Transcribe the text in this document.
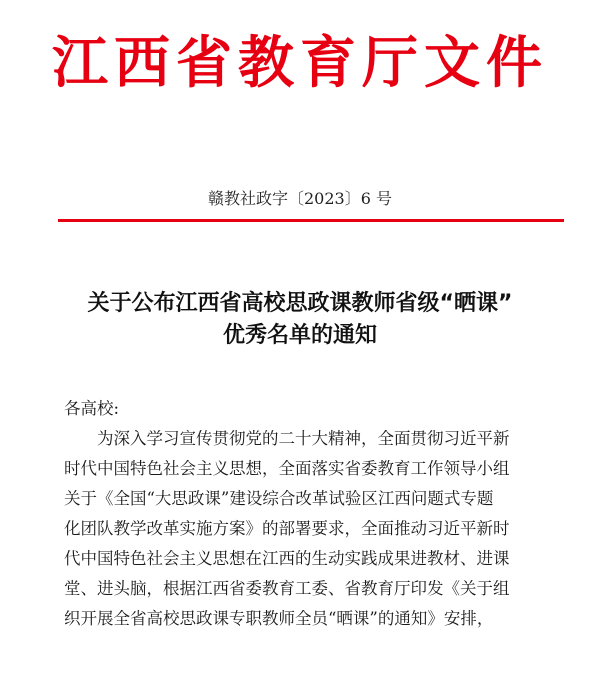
江西省教育厅文件
赣教社政字〔2023〕6 号
关于公布江西省高校思政课教师省级“晒课”
优秀名单的通知
各高校:
为深入学习宣传贯彻党的二十大精神，全面贯彻习近平新
时代中国特色社会主义思想，全面落实省委教育工作领导小组
关于《全国“大思政课”建设综合改革试验区江西问题式专题
化团队教学改革实施方案》的部署要求，全面推动习近平新时
代中国特色社会主义思想在江西的生动实践成果进教材、进课
堂、进头脑，根据江西省委教育工委、省教育厅印发《关于组
织开展全省高校思政课专职教师全员“晒课”的通知》安排，
